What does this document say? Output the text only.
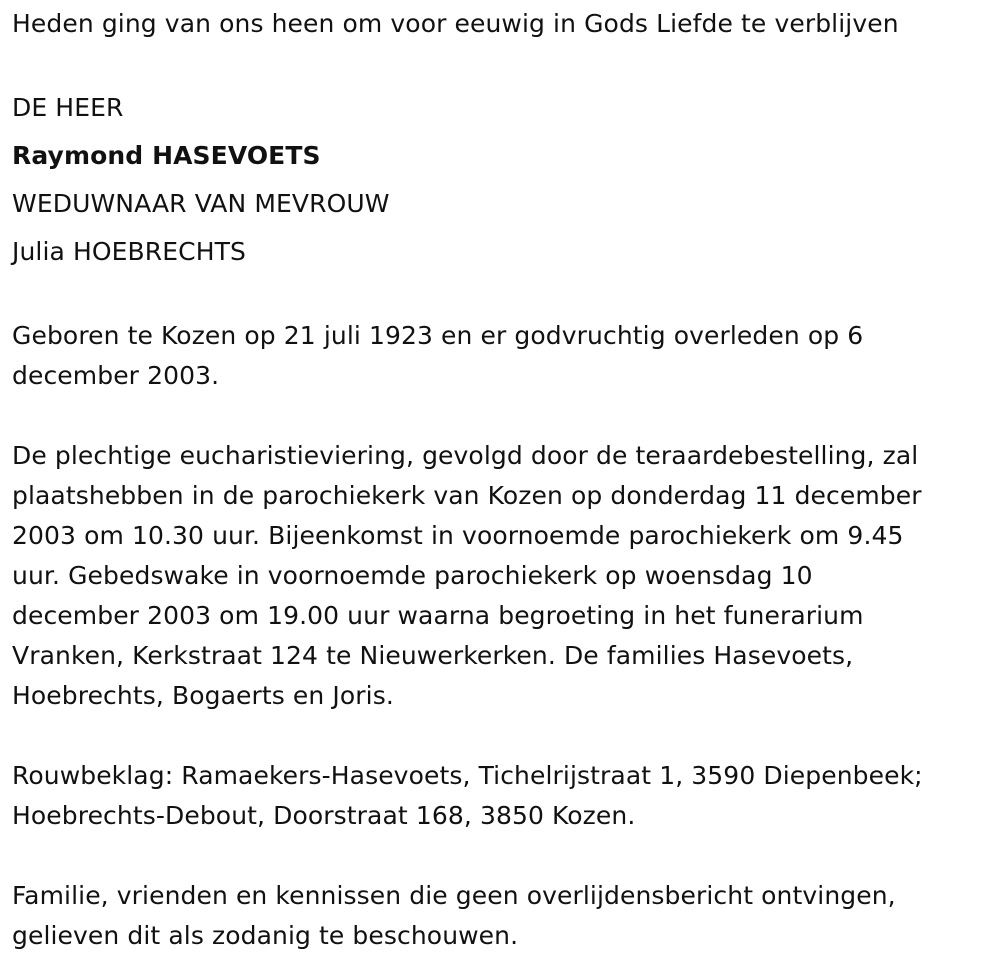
Heden ging van ons heen om voor eeuwig in Gods Liefde te verblijven
DE HEER
Raymond HASEVOETS
WEDUWNAAR VAN MEVROUW
Julia HOEBRECHTS
Geboren te Kozen op 21 juli 1923 en er godvruchtig overleden op 6
december 2003.
De plechtige eucharistieviering, gevolgd door de teraardebestelling, zal
plaatshebben in de parochiekerk van Kozen op donderdag 11 december
2003 om 10.30 uur. Bijeenkomst in voornoemde parochiekerk om 9.45
uur. Gebedswake in voornoemde parochiekerk op woensdag 10
december 2003 om 19.00 uur waarna begroeting in het funerarium
Vranken, Kerkstraat 124 te Nieuwerkerken. De families Hasevoets,
Hoebrechts, Bogaerts en Joris.
Rouwbeklag: Ramaekers-Hasevoets, Tichelrijstraat 1, 3590 Diepenbeek;
Hoebrechts-Debout, Doorstraat 168, 3850 Kozen.
Familie, vrienden en kennissen die geen overlijdensbericht ontvingen,
gelieven dit als zodanig te beschouwen.
